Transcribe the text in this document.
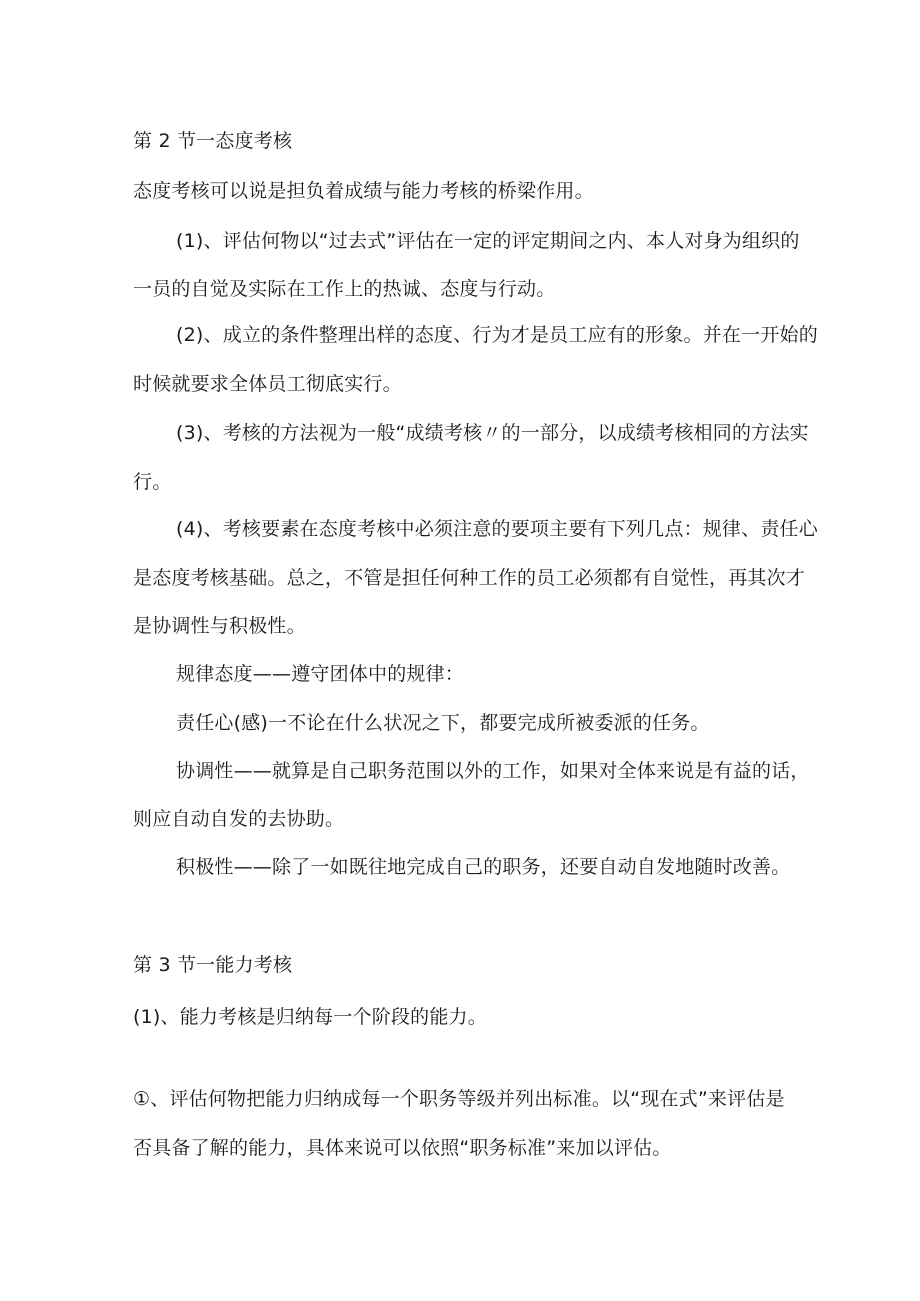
第 2 节一态度考核
态度考核可以说是担负着成绩与能力考核的桥梁作用。
(1)、评估何物以“过去式”评估在一定的评定期间之内、本人对身为组织的
一员的自觉及实际在工作上的热诚、态度与行动。
(2)、成立的条件整理出样的态度、行为才是员工应有的形象。并在一开始的
时候就要求全体员工彻底实行。
(3)、考核的方法视为一般“成绩考核〃的一部分，以成绩考核相同的方法实
行。
(4)、考核要素在态度考核中必须注意的要项主要有下列几点：规律、责任心
是态度考核基础。总之，不管是担任何种工作的员工必须都有自觉性，再其次才
是协调性与积极性。
规律态度——遵守团体中的规律：
责任心(感)一不论在什么状况之下，都要完成所被委派的任务。
协调性——就算是自己职务范围以外的工作，如果对全体来说是有益的话，
则应自动自发的去协助。
积极性——除了一如既往地完成自己的职务，还要自动自发地随时改善。
第 3 节一能力考核
(1)、能力考核是归纳每一个阶段的能力。
①、评估何物把能力归纳成每一个职务等级并列出标准。以“现在式”来评估是
否具备了解的能力，具体来说可以依照“职务标准”来加以评估。
